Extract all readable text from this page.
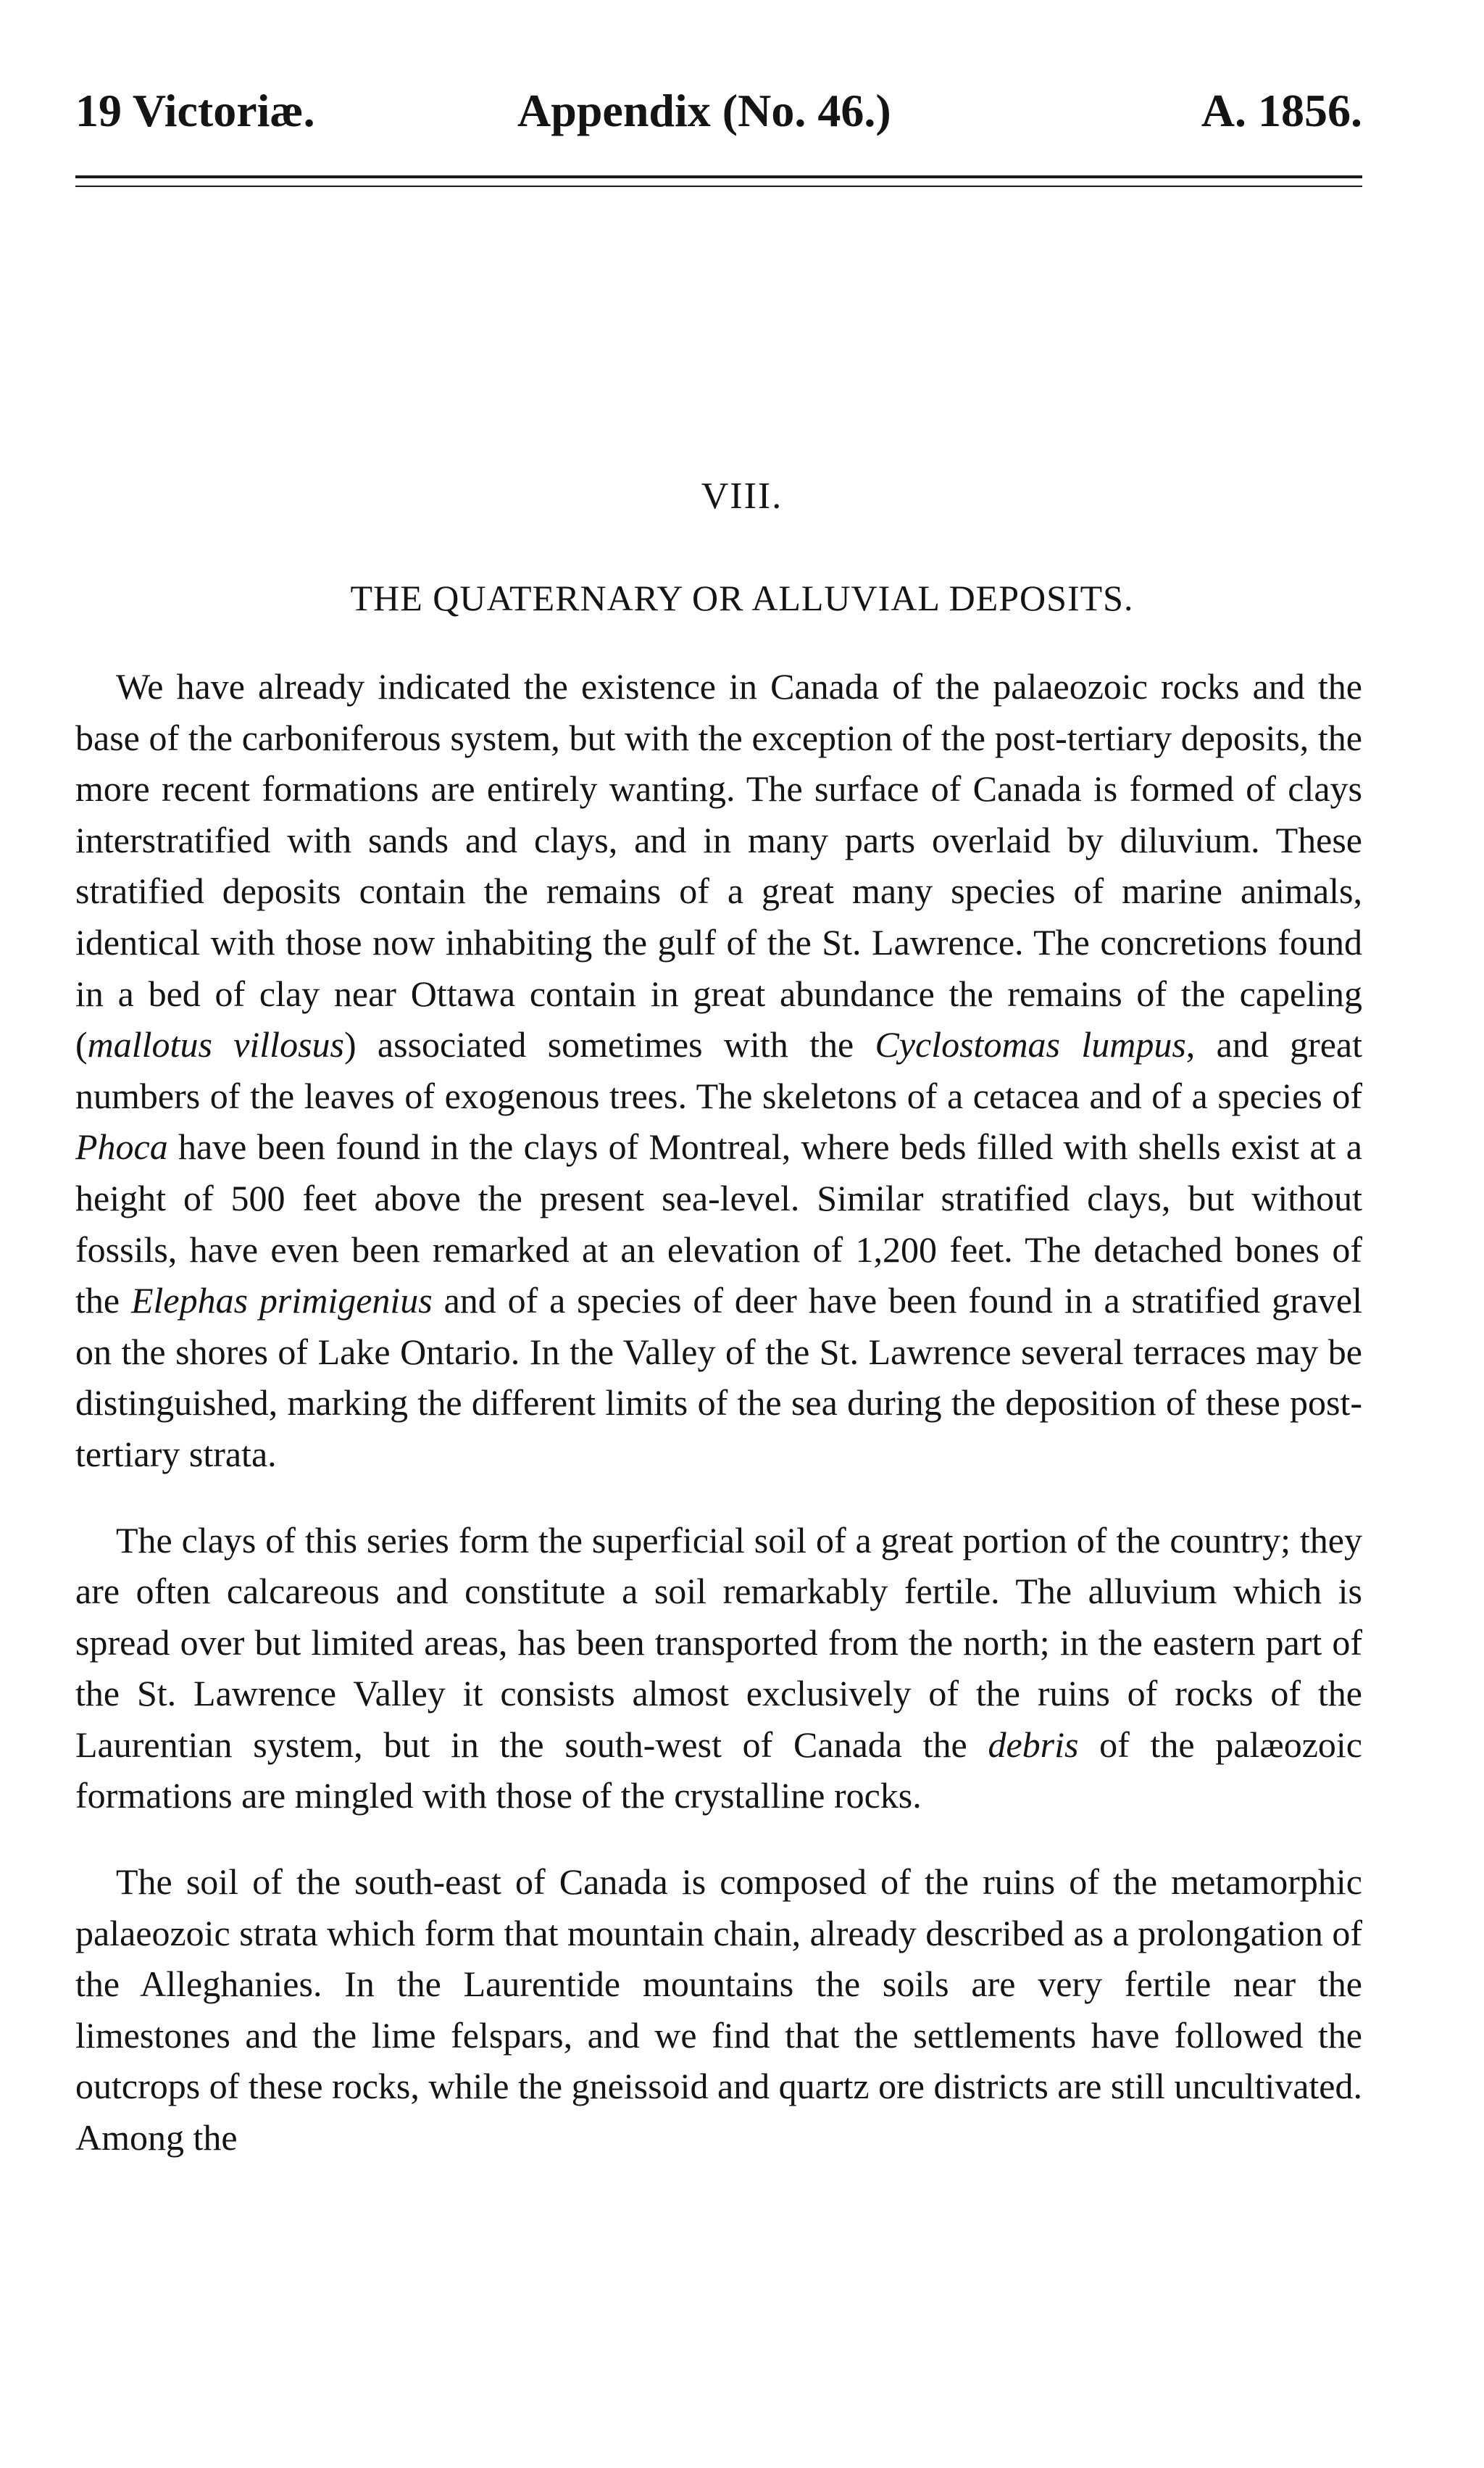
19 Victoriæ.	Appendix (No. 46.)	A. 1856.
VIII.
THE QUATERNARY OR ALLUVIAL DEPOSITS.

We have already indicated the existence in Canada of the palaeozoic rocks and the base of the carboniferous system, but with the exception of the post-tertiary deposits, the more recent formations are entirely wanting. The surface of Canada is formed of clays interstratified with sands and clays, and in many parts overlaid by diluvium. These stratified deposits contain the remains of a great many species of marine animals, identical with those now inhabiting the gulf of the St. Lawrence. The concretions found in a bed of clay near Ottawa contain in great abundance the remains of the capeling (mallotus villosus) associated sometimes with the Cyclostomas lumpus, and great numbers of the leaves of exogenous trees. The skeletons of a cetacea and of a species of Phoca have been found in the clays of Montreal, where beds filled with shells exist at a height of 500 feet above the present sea-level. Similar stratified clays, but without fossils, have even been remarked at an elevation of 1,200 feet. The detached bones of the Elephas primigenius and of a species of deer have been found in a stratified gravel on the shores of Lake Ontario. In the Valley of the St. Lawrence several terraces may be distinguished, marking the different limits of the sea during the deposition of these post-tertiary strata.

The clays of this series form the superficial soil of a great portion of the country; they are often calcareous and constitute a soil remarkably fertile. The alluvium which is spread over but limited areas, has been transported from the north; in the eastern part of the St. Lawrence Valley it consists almost exclusively of the ruins of rocks of the Laurentian system, but in the south-west of Canada the debris of the palæozoic formations are mingled with those of the crystalline rocks.

The soil of the south-east of Canada is composed of the ruins of the metamorphic palaeozoic strata which form that mountain chain, already described as a prolongation of the Alleghanies. In the Laurentide mountains the soils are very fertile near the limestones and the lime felspars, and we find that the settlements have followed the outcrops of these rocks, while the gneissoid and quartz ore districts are still uncultivated. Among the
